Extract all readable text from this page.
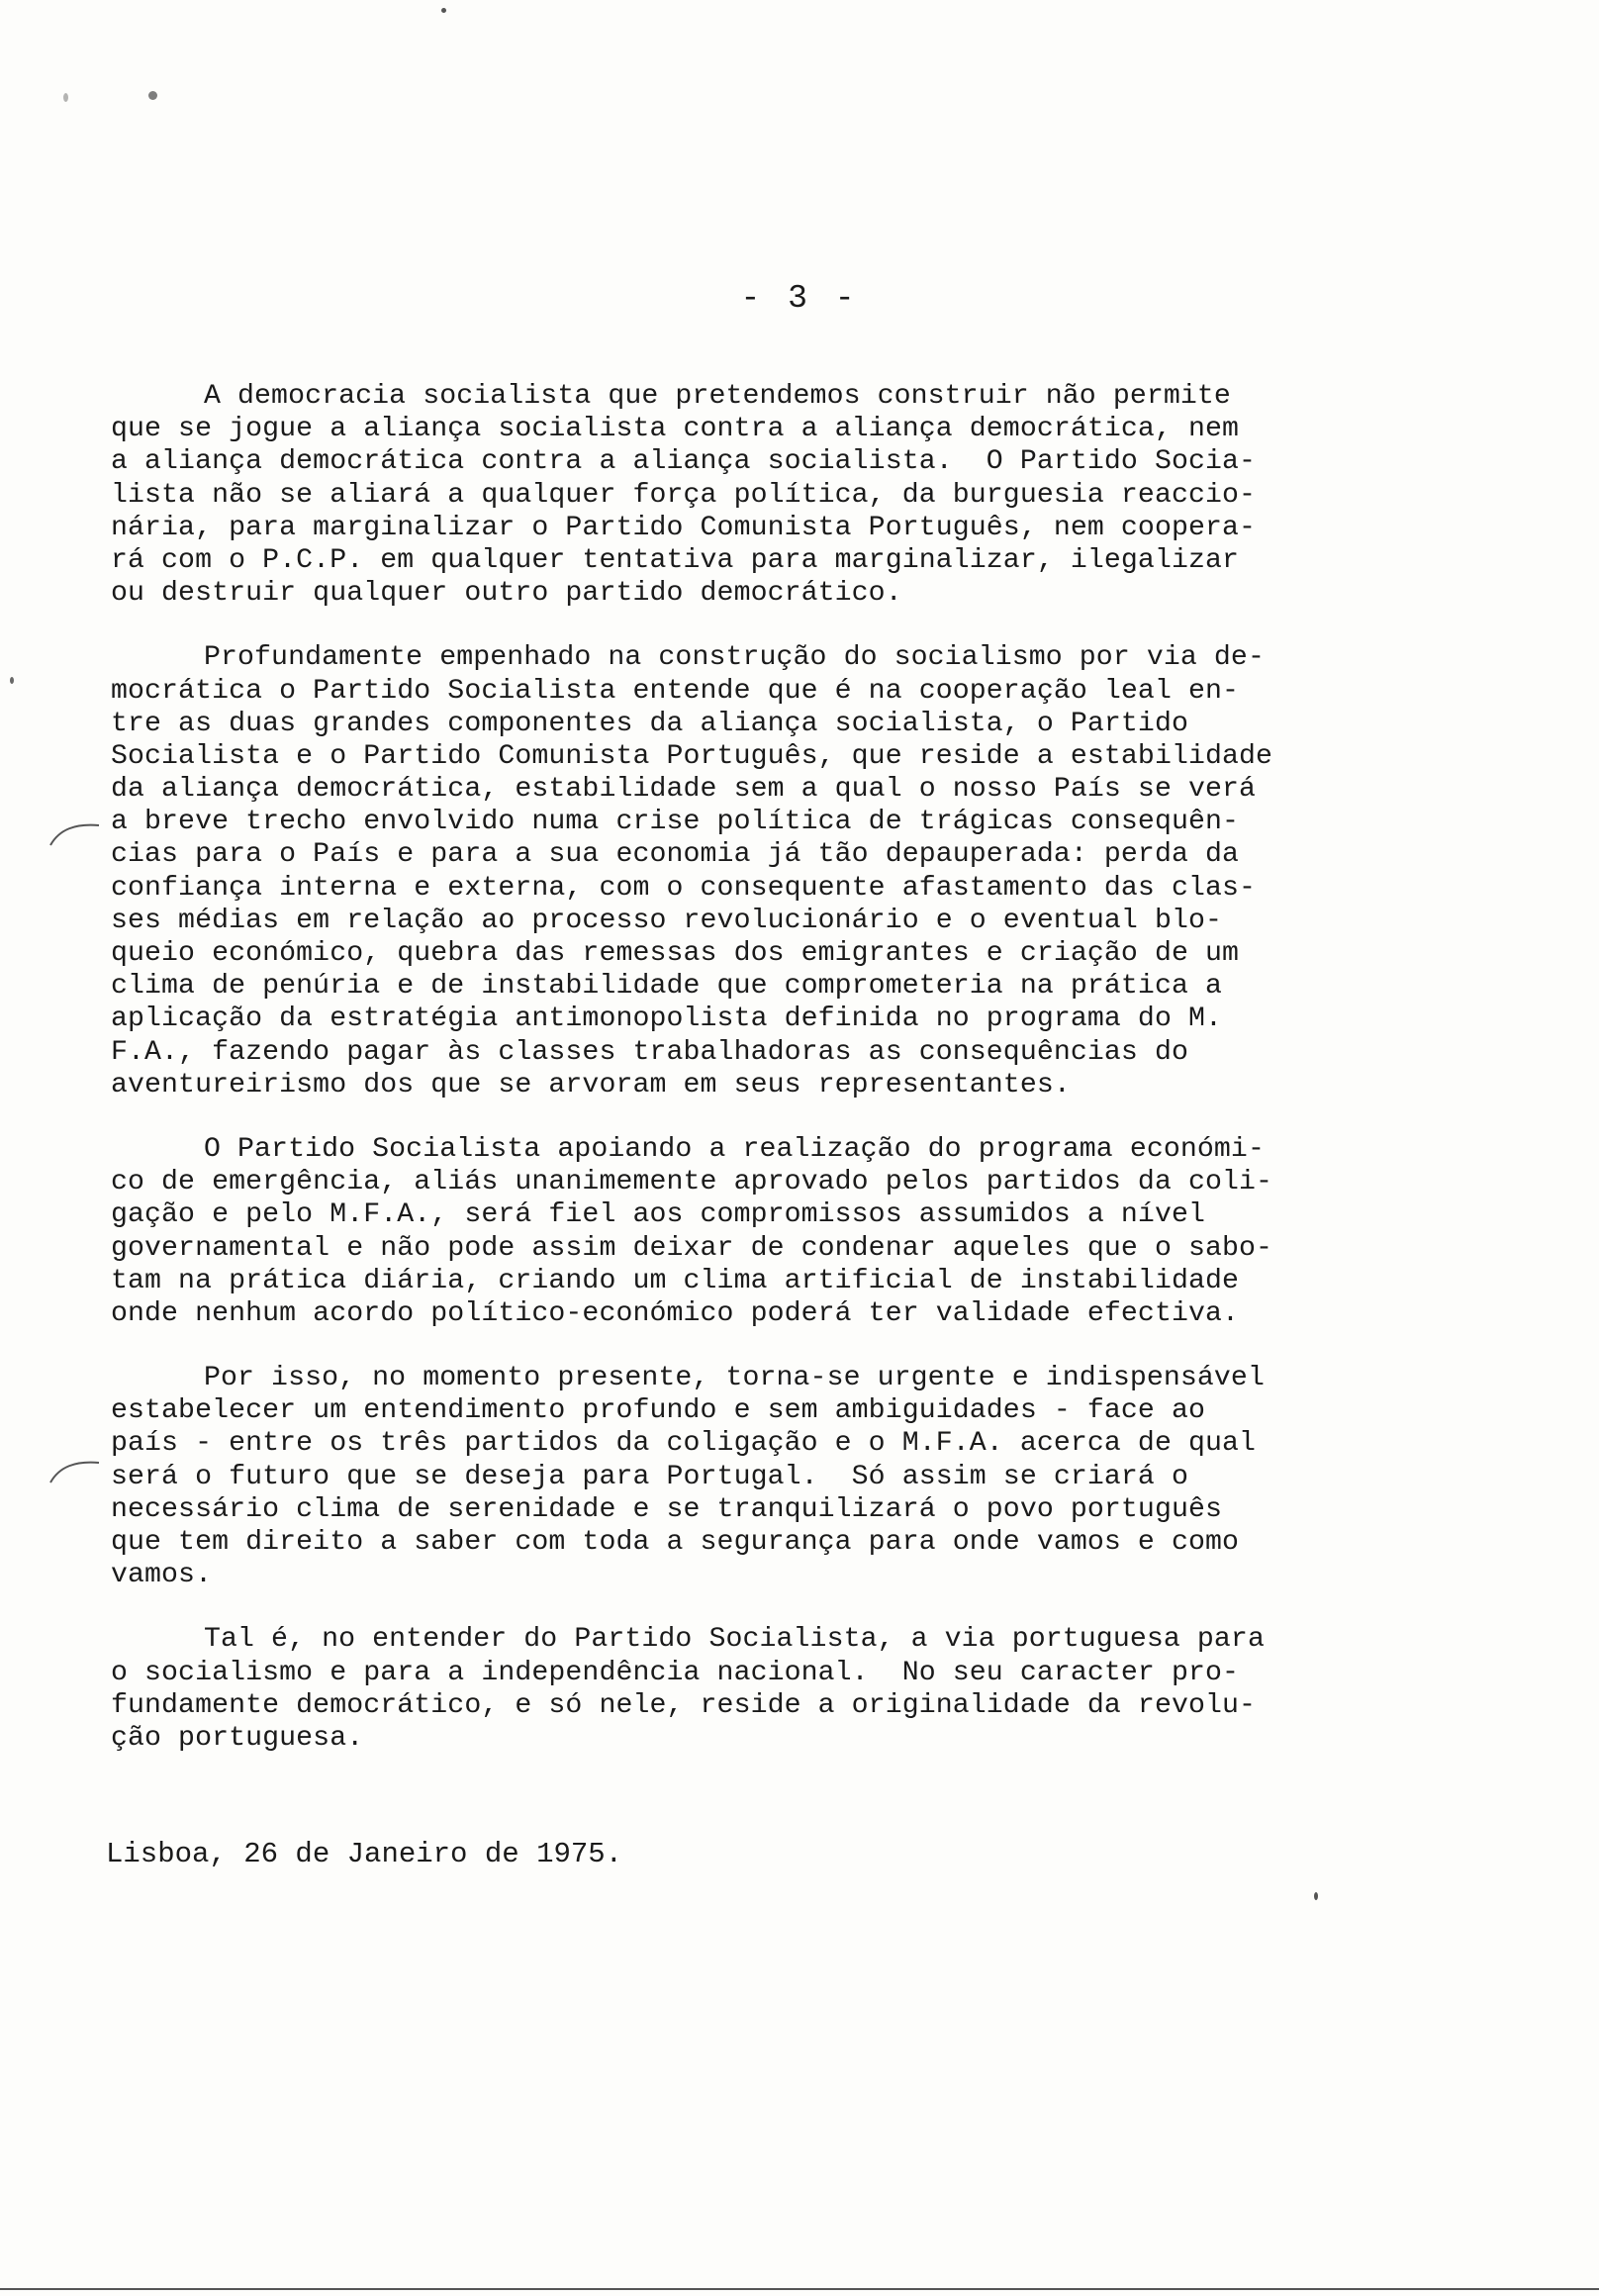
- 3 -
A democracia socialista que pretendemos construir não permite
que se jogue a aliança socialista contra a aliança democrática, nem
a aliança democrática contra a aliança socialista.  O Partido Socia-
lista não se aliará a qualquer força política, da burguesia reaccio-
nária, para marginalizar o Partido Comunista Português, nem coopera-
rá com o P.C.P. em qualquer tentativa para marginalizar, ilegalizar
ou destruir qualquer outro partido democrático.
Profundamente empenhado na construção do socialismo por via de-
mocrática o Partido Socialista entende que é na cooperação leal en-
tre as duas grandes componentes da aliança socialista, o Partido
Socialista e o Partido Comunista Português, que reside a estabilidade
da aliança democrática, estabilidade sem a qual o nosso País se verá
a breve trecho envolvido numa crise política de trágicas consequên-
cias para o País e para a sua economia já tão depauperada: perda da
confiança interna e externa, com o consequente afastamento das clas-
ses médias em relação ao processo revolucionário e o eventual blo-
queio económico, quebra das remessas dos emigrantes e criação de um
clima de penúria e de instabilidade que comprometeria na prática a
aplicação da estratégia antimonopolista definida no programa do M.
F.A., fazendo pagar às classes trabalhadoras as consequências do
aventureirismo dos que se arvoram em seus representantes.
O Partido Socialista apoiando a realização do programa económi-
co de emergência, aliás unanimemente aprovado pelos partidos da coli-
gação e pelo M.F.A., será fiel aos compromissos assumidos a nível
governamental e não pode assim deixar de condenar aqueles que o sabo-
tam na prática diária, criando um clima artificial de instabilidade
onde nenhum acordo político-económico poderá ter validade efectiva.
Por isso, no momento presente, torna-se urgente e indispensável
estabelecer um entendimento profundo e sem ambiguidades - face ao
país - entre os três partidos da coligação e o M.F.A. acerca de qual
será o futuro que se deseja para Portugal.  Só assim se criará o
necessário clima de serenidade e se tranquilizará o povo português
que tem direito a saber com toda a segurança para onde vamos e como
vamos.
Tal é, no entender do Partido Socialista, a via portuguesa para
o socialismo e para a independência nacional.  No seu caracter pro-
fundamente democrático, e só nele, reside a originalidade da revolu-
ção portuguesa.
Lisboa, 26 de Janeiro de 1975.
